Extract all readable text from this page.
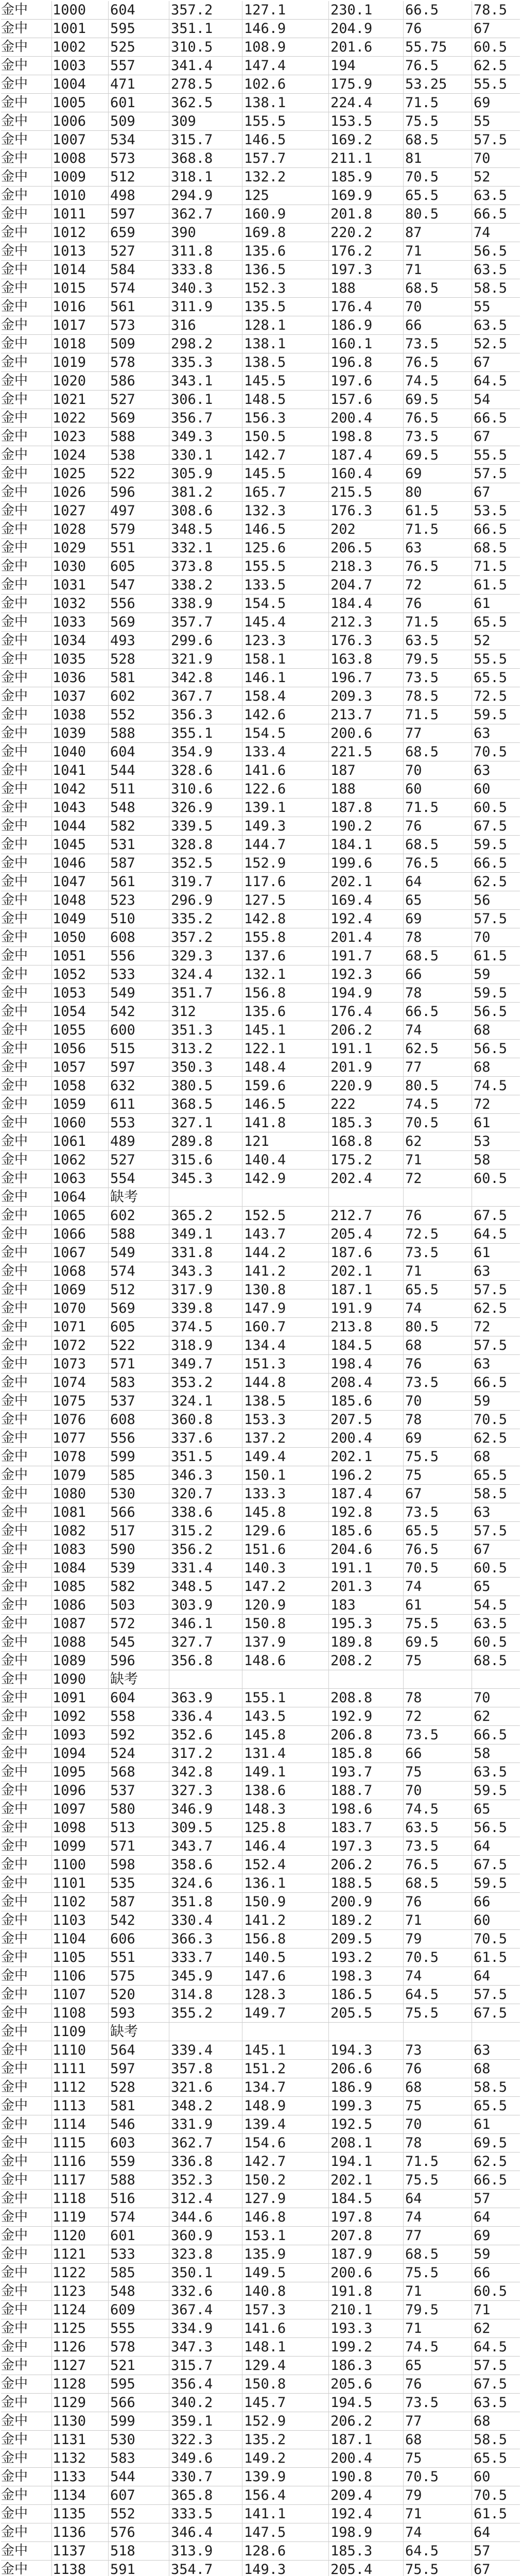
金中	1000	604	357.2	127.1	230.1	66.5	78.5
金中	1001	595	351.1	146.9	204.9	76	67
金中	1002	525	310.5	108.9	201.6	55.75	60.5
金中	1003	557	341.4	147.4	194	76.5	62.5
金中	1004	471	278.5	102.6	175.9	53.25	55.5
金中	1005	601	362.5	138.1	224.4	71.5	69
金中	1006	509	309	155.5	153.5	75.5	55
金中	1007	534	315.7	146.5	169.2	68.5	57.5
金中	1008	573	368.8	157.7	211.1	81	70
金中	1009	512	318.1	132.2	185.9	70.5	52
金中	1010	498	294.9	125	169.9	65.5	63.5
金中	1011	597	362.7	160.9	201.8	80.5	66.5
金中	1012	659	390	169.8	220.2	87	74
金中	1013	527	311.8	135.6	176.2	71	56.5
金中	1014	584	333.8	136.5	197.3	71	63.5
金中	1015	574	340.3	152.3	188	68.5	58.5
金中	1016	561	311.9	135.5	176.4	70	55
金中	1017	573	316	128.1	186.9	66	63.5
金中	1018	509	298.2	138.1	160.1	73.5	52.5
金中	1019	578	335.3	138.5	196.8	76.5	67
金中	1020	586	343.1	145.5	197.6	74.5	64.5
金中	1021	527	306.1	148.5	157.6	69.5	54
金中	1022	569	356.7	156.3	200.4	76.5	66.5
金中	1023	588	349.3	150.5	198.8	73.5	67
金中	1024	538	330.1	142.7	187.4	69.5	55.5
金中	1025	522	305.9	145.5	160.4	69	57.5
金中	1026	596	381.2	165.7	215.5	80	67
金中	1027	497	308.6	132.3	176.3	61.5	53.5
金中	1028	579	348.5	146.5	202	71.5	66.5
金中	1029	551	332.1	125.6	206.5	63	68.5
金中	1030	605	373.8	155.5	218.3	76.5	71.5
金中	1031	547	338.2	133.5	204.7	72	61.5
金中	1032	556	338.9	154.5	184.4	76	61
金中	1033	569	357.7	145.4	212.3	71.5	65.5
金中	1034	493	299.6	123.3	176.3	63.5	52
金中	1035	528	321.9	158.1	163.8	79.5	55.5
金中	1036	581	342.8	146.1	196.7	73.5	65.5
金中	1037	602	367.7	158.4	209.3	78.5	72.5
金中	1038	552	356.3	142.6	213.7	71.5	59.5
金中	1039	588	355.1	154.5	200.6	77	63
金中	1040	604	354.9	133.4	221.5	68.5	70.5
金中	1041	544	328.6	141.6	187	70	63
金中	1042	511	310.6	122.6	188	60	60
金中	1043	548	326.9	139.1	187.8	71.5	60.5
金中	1044	582	339.5	149.3	190.2	76	67.5
金中	1045	531	328.8	144.7	184.1	68.5	59.5
金中	1046	587	352.5	152.9	199.6	76.5	66.5
金中	1047	561	319.7	117.6	202.1	64	62.5
金中	1048	523	296.9	127.5	169.4	65	56
金中	1049	510	335.2	142.8	192.4	69	57.5
金中	1050	608	357.2	155.8	201.4	78	70
金中	1051	556	329.3	137.6	191.7	68.5	61.5
金中	1052	533	324.4	132.1	192.3	66	59
金中	1053	549	351.7	156.8	194.9	78	59.5
金中	1054	542	312	135.6	176.4	66.5	56.5
金中	1055	600	351.3	145.1	206.2	74	68
金中	1056	515	313.2	122.1	191.1	62.5	56.5
金中	1057	597	350.3	148.4	201.9	77	68
金中	1058	632	380.5	159.6	220.9	80.5	74.5
金中	1059	611	368.5	146.5	222	74.5	72
金中	1060	553	327.1	141.8	185.3	70.5	61
金中	1061	489	289.8	121	168.8	62	53
金中	1062	527	315.6	140.4	175.2	71	58
金中	1063	554	345.3	142.9	202.4	72	60.5
金中	1064	缺考
金中	1065	602	365.2	152.5	212.7	76	67.5
金中	1066	588	349.1	143.7	205.4	72.5	64.5
金中	1067	549	331.8	144.2	187.6	73.5	61
金中	1068	574	343.3	141.2	202.1	71	63
金中	1069	512	317.9	130.8	187.1	65.5	57.5
金中	1070	569	339.8	147.9	191.9	74	62.5
金中	1071	605	374.5	160.7	213.8	80.5	72
金中	1072	522	318.9	134.4	184.5	68	57.5
金中	1073	571	349.7	151.3	198.4	76	63
金中	1074	583	353.2	144.8	208.4	73.5	66.5
金中	1075	537	324.1	138.5	185.6	70	59
金中	1076	608	360.8	153.3	207.5	78	70.5
金中	1077	556	337.6	137.2	200.4	69	62.5
金中	1078	599	351.5	149.4	202.1	75.5	68
金中	1079	585	346.3	150.1	196.2	75	65.5
金中	1080	530	320.7	133.3	187.4	67	58.5
金中	1081	566	338.6	145.8	192.8	73.5	63
金中	1082	517	315.2	129.6	185.6	65.5	57.5
金中	1083	590	356.2	151.6	204.6	76.5	67
金中	1084	539	331.4	140.3	191.1	70.5	60.5
金中	1085	582	348.5	147.2	201.3	74	65
金中	1086	503	303.9	120.9	183	61	54.5
金中	1087	572	346.1	150.8	195.3	75.5	63.5
金中	1088	545	327.7	137.9	189.8	69.5	60.5
金中	1089	596	356.8	148.6	208.2	75	68.5
金中	1090	缺考
金中	1091	604	363.9	155.1	208.8	78	70
金中	1092	558	336.4	143.5	192.9	72	62
金中	1093	592	352.6	145.8	206.8	73.5	66.5
金中	1094	524	317.2	131.4	185.8	66	58
金中	1095	568	342.8	149.1	193.7	75	63.5
金中	1096	537	327.3	138.6	188.7	70	59.5
金中	1097	580	346.9	148.3	198.6	74.5	65
金中	1098	513	309.5	125.8	183.7	63.5	56.5
金中	1099	571	343.7	146.4	197.3	73.5	64
金中	1100	598	358.6	152.4	206.2	76.5	67.5
金中	1101	535	324.6	136.1	188.5	68.5	59.5
金中	1102	587	351.8	150.9	200.9	76	66
金中	1103	542	330.4	141.2	189.2	71	60
金中	1104	606	366.3	156.8	209.5	79	70.5
金中	1105	551	333.7	140.5	193.2	70.5	61.5
金中	1106	575	345.9	147.6	198.3	74	64
金中	1107	520	314.8	128.3	186.5	64.5	57.5
金中	1108	593	355.2	149.7	205.5	75.5	67.5
金中	1109	缺考
金中	1110	564	339.4	145.1	194.3	73	63
金中	1111	597	357.8	151.2	206.6	76	68
金中	1112	528	321.6	134.7	186.9	68	58.5
金中	1113	581	348.2	148.9	199.3	75	65.5
金中	1114	546	331.9	139.4	192.5	70	61
金中	1115	603	362.7	154.6	208.1	78	69.5
金中	1116	559	336.8	142.7	194.1	71.5	62.5
金中	1117	588	352.3	150.2	202.1	75.5	66.5
金中	1118	516	312.4	127.9	184.5	64	57
金中	1119	574	344.6	146.8	197.8	74	64
金中	1120	601	360.9	153.1	207.8	77	69
金中	1121	533	323.8	135.9	187.9	68.5	59
金中	1122	585	350.1	149.5	200.6	75.5	66
金中	1123	548	332.6	140.8	191.8	71	60.5
金中	1124	609	367.4	157.3	210.1	79.5	71
金中	1125	555	334.9	141.6	193.3	71	62
金中	1126	578	347.3	148.1	199.2	74.5	64.5
金中	1127	521	315.7	129.4	186.3	65	57.5
金中	1128	595	356.4	150.8	205.6	76	67.5
金中	1129	566	340.2	145.7	194.5	73.5	63.5
金中	1130	599	359.1	152.9	206.2	77	68
金中	1131	530	322.3	135.2	187.1	68	58.5
金中	1132	583	349.6	149.2	200.4	75	65.5
金中	1133	544	330.7	139.9	190.8	70.5	60
金中	1134	607	365.8	156.4	209.4	79	70.5
金中	1135	552	333.5	141.1	192.4	71	61.5
金中	1136	576	346.4	147.5	198.9	74	64
金中	1137	518	313.9	128.6	185.3	64.5	57
金中	1138	591	354.7	149.3	205.4	75.5	67
